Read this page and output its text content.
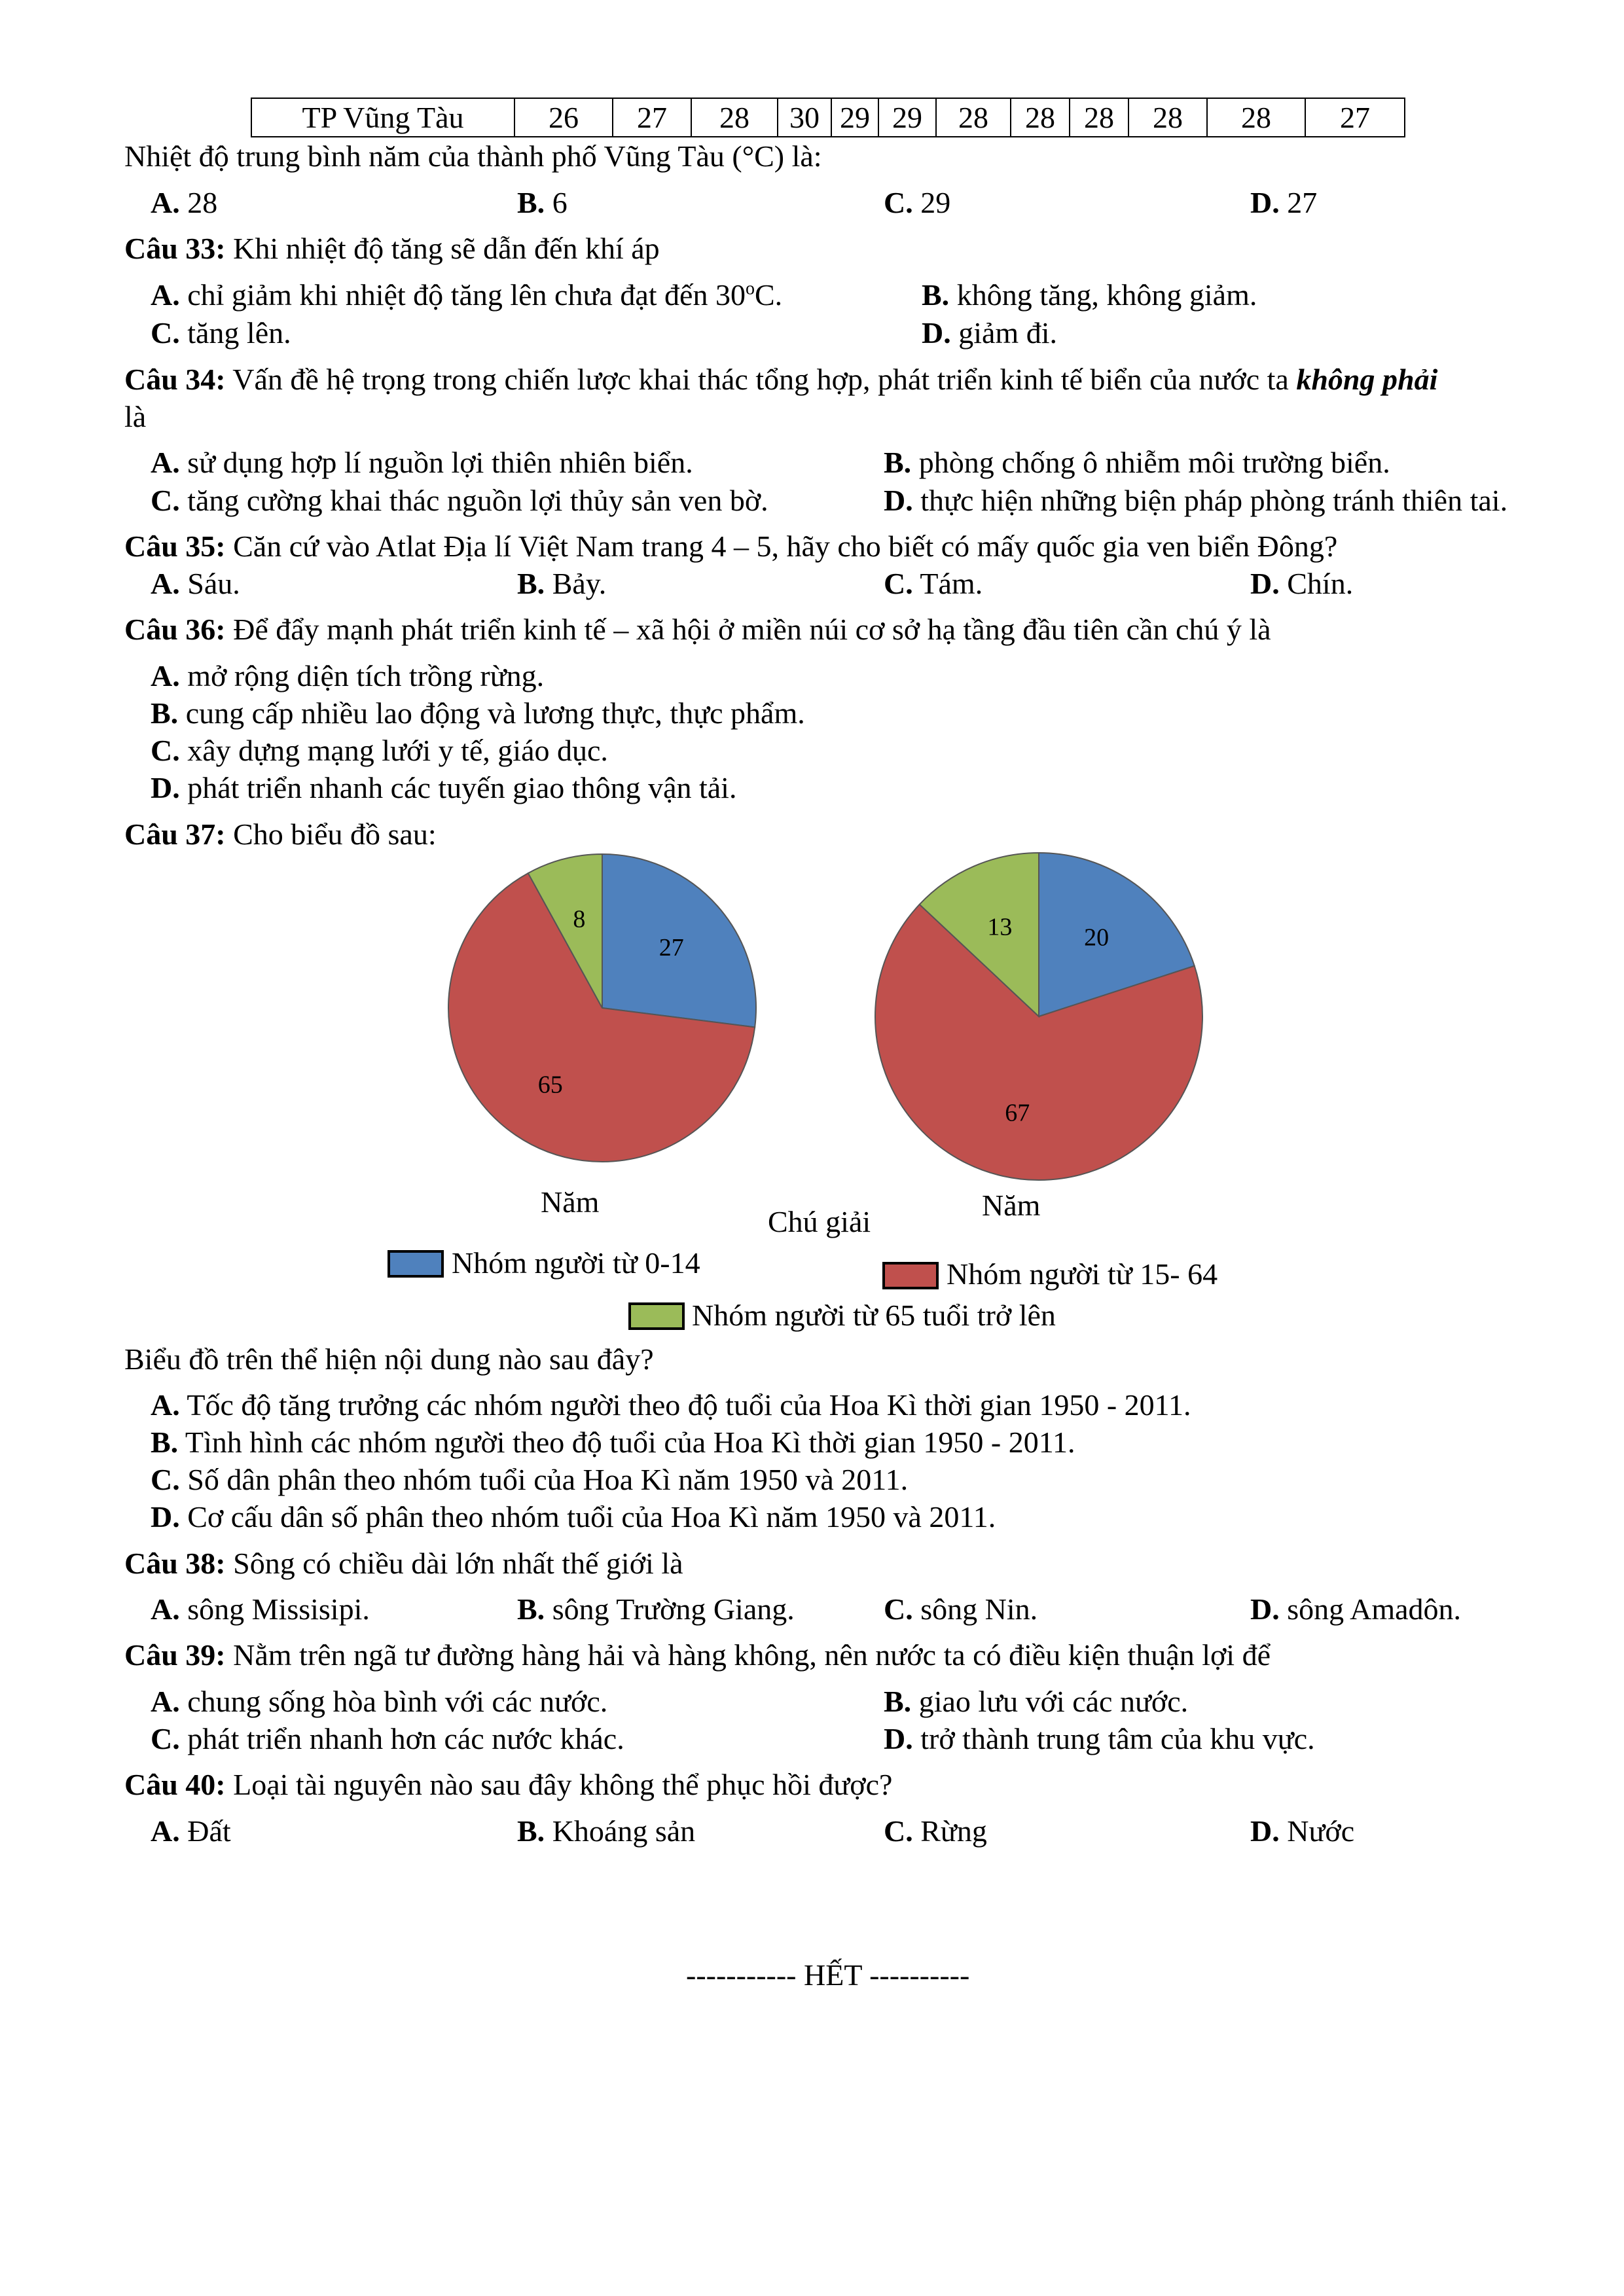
TP Vũng Tàu	26	27	28	30	29	29	28	28	28	28	28	27
Nhiệt độ trung bình năm của thành phố Vũng Tàu (°C) là:
A. 28	B. 6	C. 29	D. 27
Câu 33: Khi nhiệt độ tăng sẽ dẫn đến khí áp
A. chỉ giảm khi nhiệt độ tăng lên chưa đạt đến 30$^o$C.	B. không tăng, không giảm.
C. tăng lên.	D. giảm đi.
Câu 34: Vấn đề hệ trọng trong chiến lược khai thác tổng hợp, phát triển kinh tế biển của nước ta không phải
là
A. sử dụng hợp lí nguồn lợi thiên nhiên biển.	B. phòng chống ô nhiễm môi trường biển.
C. tăng cường khai thác nguồn lợi thủy sản ven bờ.	D. thực hiện những biện pháp phòng tránh thiên tai.
Câu 35: Căn cứ vào Atlat Địa lí Việt Nam trang 4 – 5, hãy cho biết có mấy quốc gia ven biển Đông?
A. Sáu.	B. Bảy.	C. Tám.	D. Chín.
Câu 36: Để đẩy mạnh phát triển kinh tế – xã hội ở miền núi cơ sở hạ tầng đầu tiên cần chú ý là
A. mở rộng diện tích trồng rừng.
B. cung cấp nhiều lao động và lương thực, thực phẩm.
C. xây dựng mạng lưới y tế, giáo dục.
D. phát triển nhanh các tuyến giao thông vận tải.
Câu 37: Cho biểu đồ sau:
27
65
8
20
67
13
Năm	Năm
Chú giải
Nhóm người từ 0-14	Nhóm người từ 15- 64
Nhóm người từ 65 tuổi trở lên
Biểu đồ trên thể hiện nội dung nào sau đây?
A. Tốc độ tăng trưởng các nhóm người theo độ tuổi của Hoa Kì thời gian 1950 - 2011.
B. Tình hình các nhóm người theo độ tuổi của Hoa Kì thời gian 1950 - 2011.
C. Số dân phân theo nhóm tuổi của Hoa Kì năm 1950 và 2011.
D. Cơ cấu dân số phân theo nhóm tuổi của Hoa Kì năm 1950 và 2011.
Câu 38: Sông có chiều dài lớn nhất thế giới là
A. sông Missisipi.	B. sông Trường Giang.	C. sông Nin.	D. sông Amadôn.
Câu 39: Nằm trên ngã tư đường hàng hải và hàng không, nên nước ta có điều kiện thuận lợi để
A. chung sống hòa bình với các nước.	B. giao lưu với các nước.
C. phát triển nhanh hơn các nước khác.	D. trở thành trung tâm của khu vực.
Câu 40: Loại tài nguyên nào sau đây không thể phục hồi được?
A. Đất	B. Khoáng sản	C. Rừng	D. Nước
----------- HẾT ----------
